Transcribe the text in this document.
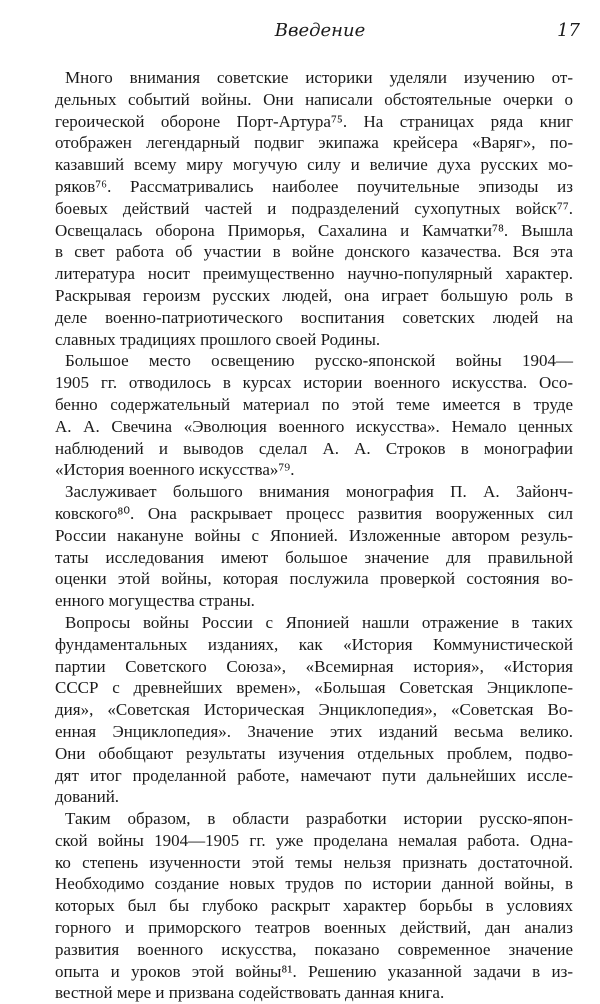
Введение	17
Много внимания советские историки уделяли изучению от-
дельных событий войны. Они написали обстоятельные очерки о
героической обороне Порт-Артура⁷⁵. На страницах ряда книг
отображен легендарный подвиг экипажа крейсера «Варяг», по-
казавший всему миру могучую силу и величие духа русских мо-
ряков⁷⁶. Рассматривались наиболее поучительные эпизоды из
боевых действий частей и подразделений сухопутных войск⁷⁷.
Освещалась оборона Приморья, Сахалина и Камчатки⁷⁸. Вышла
в свет работа об участии в войне донского казачества. Вся эта
литература носит преимущественно научно-популярный характер.
Раскрывая героизм русских людей, она играет большую роль в
деле военно-патриотического воспитания советских людей на
славных традициях прошлого своей Родины.
Большое место освещению русско-японской войны 1904—
1905 гг. отводилось в курсах истории военного искусства. Осо-
бенно содержательный материал по этой теме имеется в труде
А. А. Свечина «Эволюция военного искусства». Немало ценных
наблюдений и выводов сделал А. А. Строков в монографии
«История военного искусства»⁷⁹.
Заслуживает большого внимания монография П. А. Зайонч-
ковского⁸⁰. Она раскрывает процесс развития вооруженных сил
России накануне войны с Японией. Изложенные автором резуль-
таты исследования имеют большое значение для правильной
оценки этой войны, которая послужила проверкой состояния во-
енного могущества страны.
Вопросы войны России с Японией нашли отражение в таких
фундаментальных изданиях, как «История Коммунистической
партии Советского Союза», «Всемирная история», «История
СССР с древнейших времен», «Большая Советская Энциклопе-
дия», «Советская Историческая Энциклопедия», «Советская Во-
енная Энциклопедия». Значение этих изданий весьма велико.
Они обобщают результаты изучения отдельных проблем, подво-
дят итог проделанной работе, намечают пути дальнейших иссле-
дований.
Таким образом, в области разработки истории русско-япон-
ской войны 1904—1905 гг. уже проделана немалая работа. Одна-
ко степень изученности этой темы нельзя признать достаточной.
Необходимо создание новых трудов по истории данной войны, в
которых был бы глубоко раскрыт характер борьбы в условиях
горного и приморского театров военных действий, дан анализ
развития военного искусства, показано современное значение
опыта и уроков этой войны⁸¹. Решению указанной задачи в из-
вестной мере и призвана содействовать данная книга.
